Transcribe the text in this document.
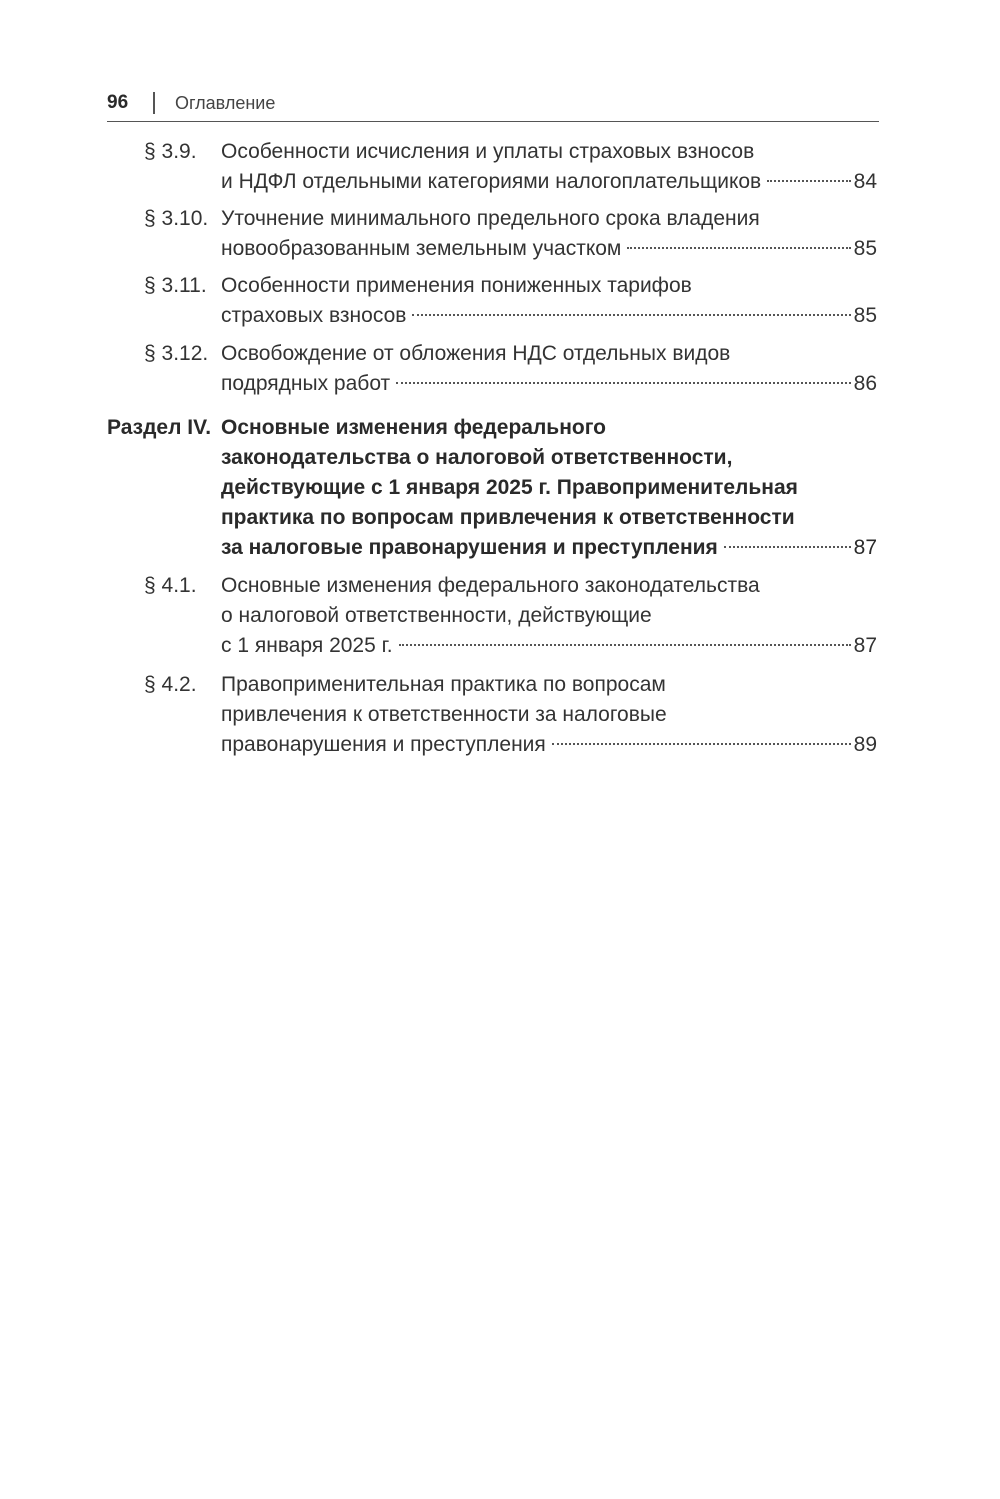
96	Оглавление
§ 3.9. Особенности исчисления и уплаты страховых взносов
и НДФЛ отдельными категориями налогоплательщиков	84
§ 3.10. Уточнение минимального предельного срока владения
новообразованным земельным участком	85
§ 3.11. Особенности применения пониженных тарифов
страховых взносов	85
§ 3.12. Освобождение от обложения НДС отдельных видов
подрядных работ	86
Раздел IV. Основные изменения федерального
законодательства о налоговой ответственности,
действующие с 1 января 2025 г. Правоприменительная
практика по вопросам привлечения к ответственности
за налоговые правонарушения и преступления	87
§ 4.1. Основные изменения федерального законодательства
о налоговой ответственности, действующие
с 1 января 2025 г.	87
§ 4.2. Правоприменительная практика по вопросам
привлечения к ответственности за налоговые
правонарушения и преступления	89
